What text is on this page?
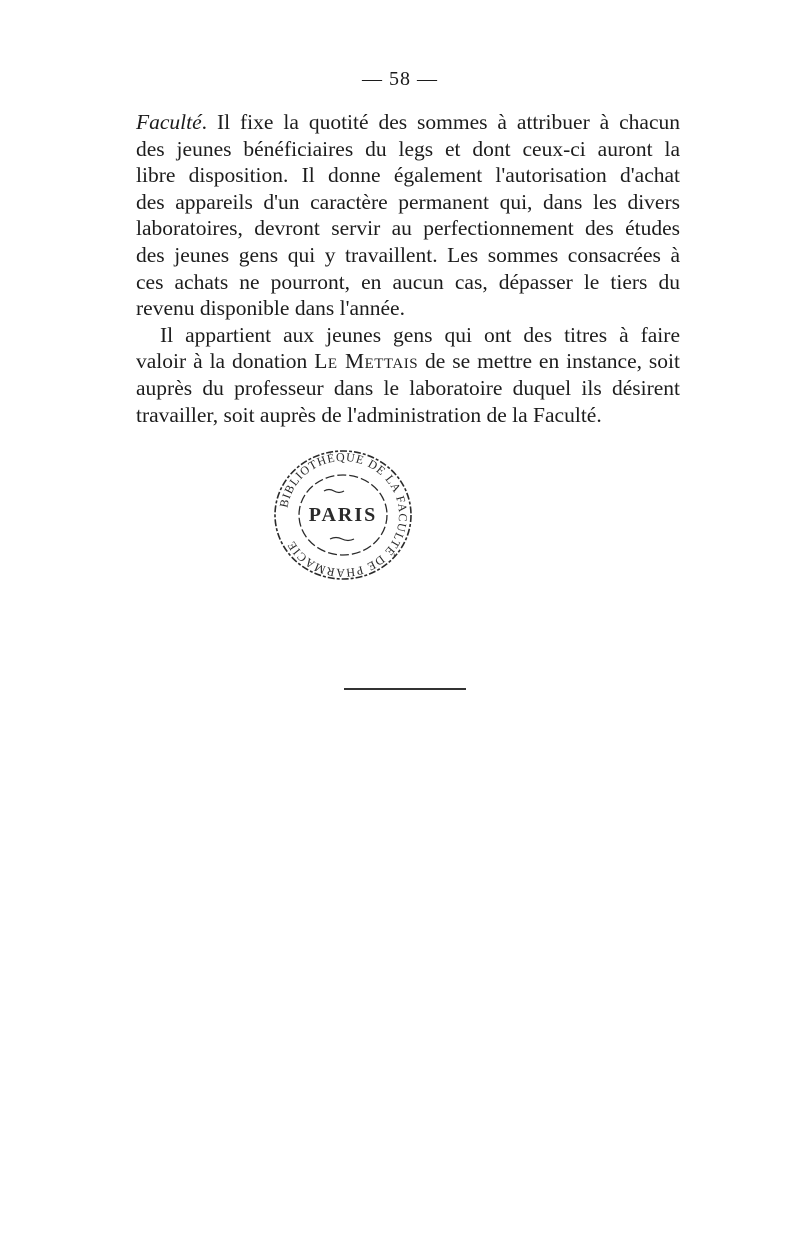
— 58 —
Faculté. Il fixe la quotité des sommes à attribuer à chacun
des jeunes bénéficiaires du legs et dont ceux-ci auront la
libre disposition. Il donne également l'autorisation d'achat
des appareils d'un caractère permanent qui, dans les divers
laboratoires, devront servir au perfectionnement des études
des jeunes gens qui y travaillent. Les sommes consacrées à
ces achats ne pourront, en aucun cas, dépasser le tiers du
revenu disponible dans l'année.
Il appartient aux jeunes gens qui ont des titres à faire
valoir à la donation Le Mettais de se mettre en instance, soit
auprès du professeur dans le laboratoire duquel ils désirent
travailler, soit auprès de l'administration de la Faculté.
BIBLIOTHÈQUE DE LA FACULTÉ DE PHARMACIE
PARIS
